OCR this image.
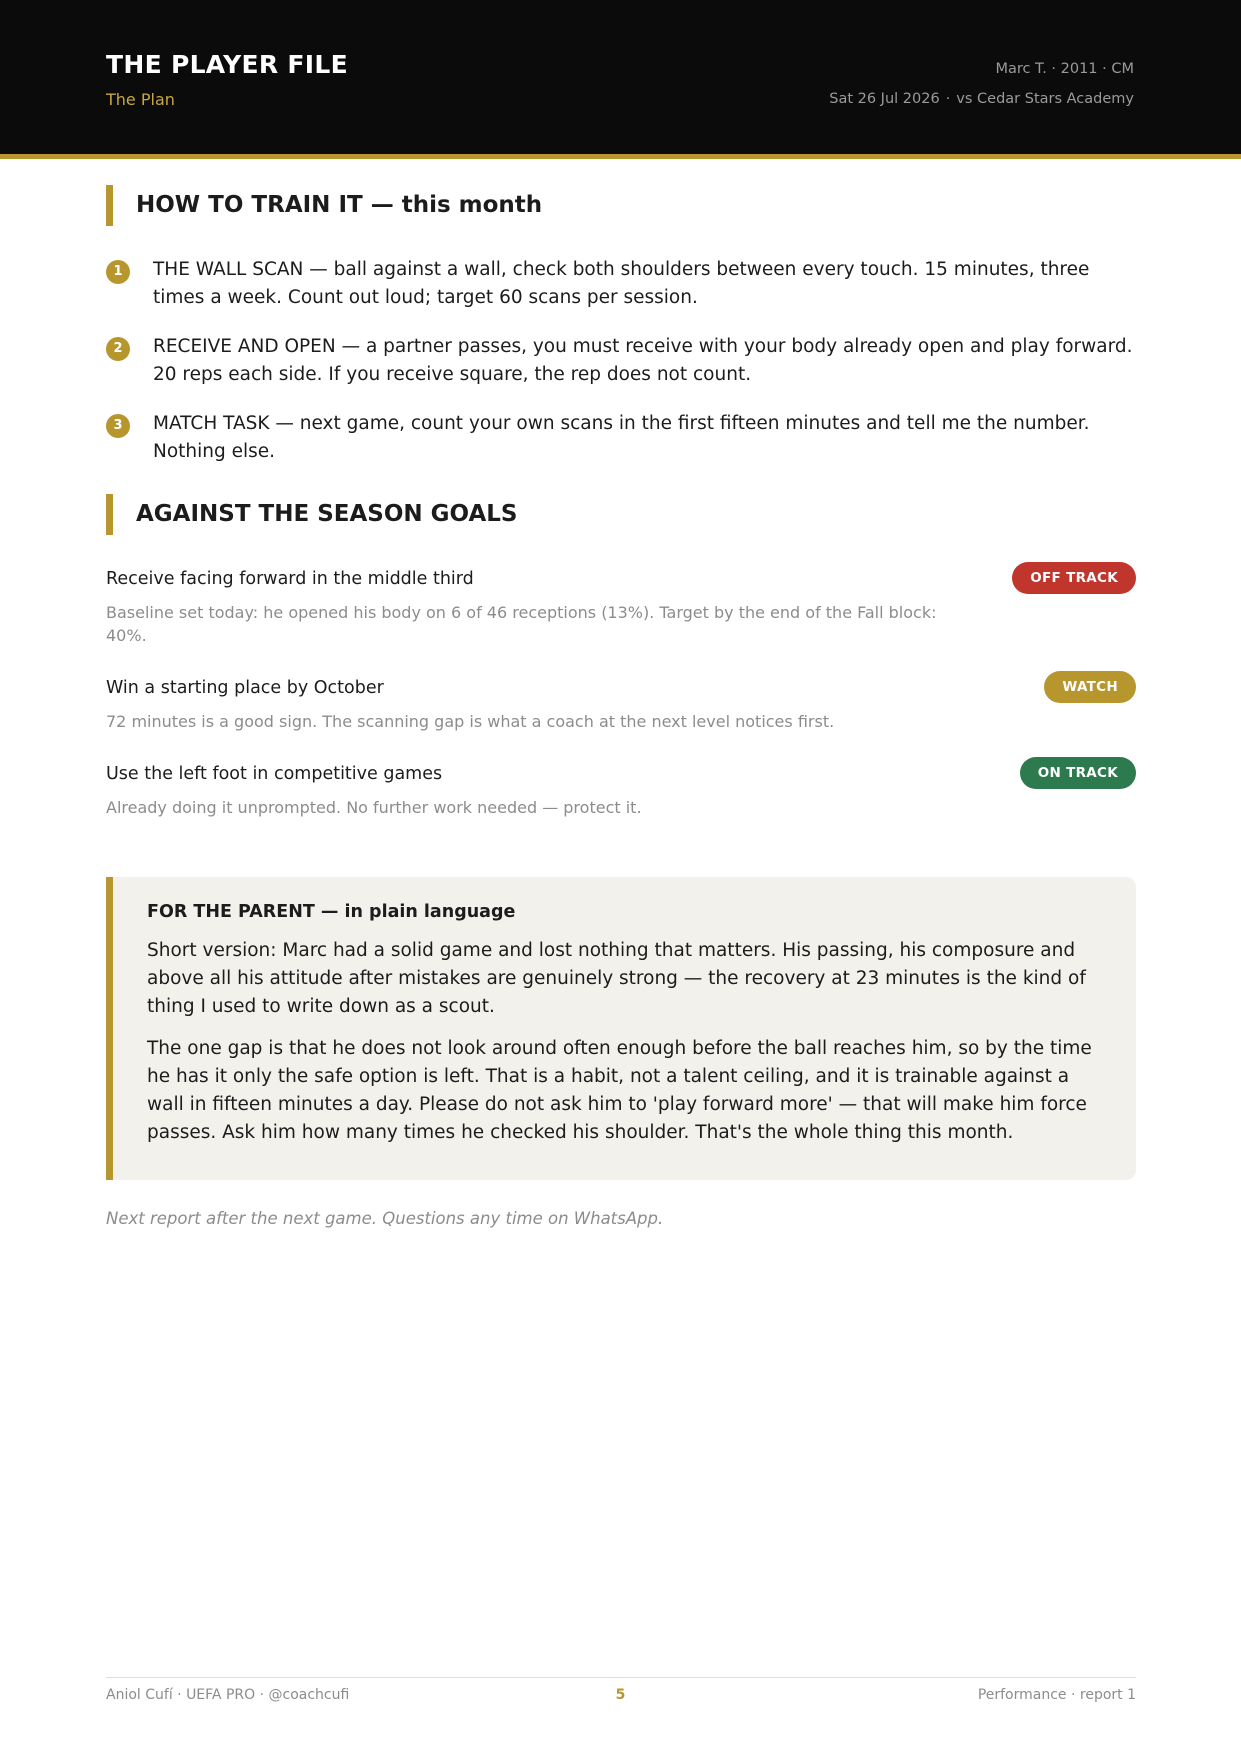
THE PLAYER FILE
The Plan
Marc T. · 2011 · CM
Sat 26 Jul 2026 · vs Cedar Stars Academy
HOW TO TRAIN IT — this month
1	THE WALL SCAN — ball against a wall, check both shoulders between every touch. 15 minutes, three times a week. Count out loud; target 60 scans per session.
2	RECEIVE AND OPEN — a partner passes, you must receive with your body already open and play forward. 20 reps each side. If you receive square, the rep does not count.
3	MATCH TASK — next game, count your own scans in the first fifteen minutes and tell me the number. Nothing else.
AGAINST THE SEASON GOALS
Receive facing forward in the middle third	OFF TRACK
Baseline set today: he opened his body on 6 of 46 receptions (13%). Target by the end of the Fall block: 40%.
Win a starting place by October	WATCH
72 minutes is a good sign. The scanning gap is what a coach at the next level notices first.
Use the left foot in competitive games	ON TRACK
Already doing it unprompted. No further work needed — protect it.
FOR THE PARENT — in plain language

Short version: Marc had a solid game and lost nothing that matters. His passing, his composure and above all his attitude after mistakes are genuinely strong — the recovery at 23 minutes is the kind of thing I used to write down as a scout.

The one gap is that he does not look around often enough before the ball reaches him, so by the time he has it only the safe option is left. That is a habit, not a talent ceiling, and it is trainable against a wall in fifteen minutes a day. Please do not ask him to 'play forward more' — that will make him force passes. Ask him how many times he checked his shoulder. That's the whole thing this month.

Next report after the next game. Questions any time on WhatsApp.
Aniol Cufí · UEFA PRO · @coachcufi	5	Performance · report 1
